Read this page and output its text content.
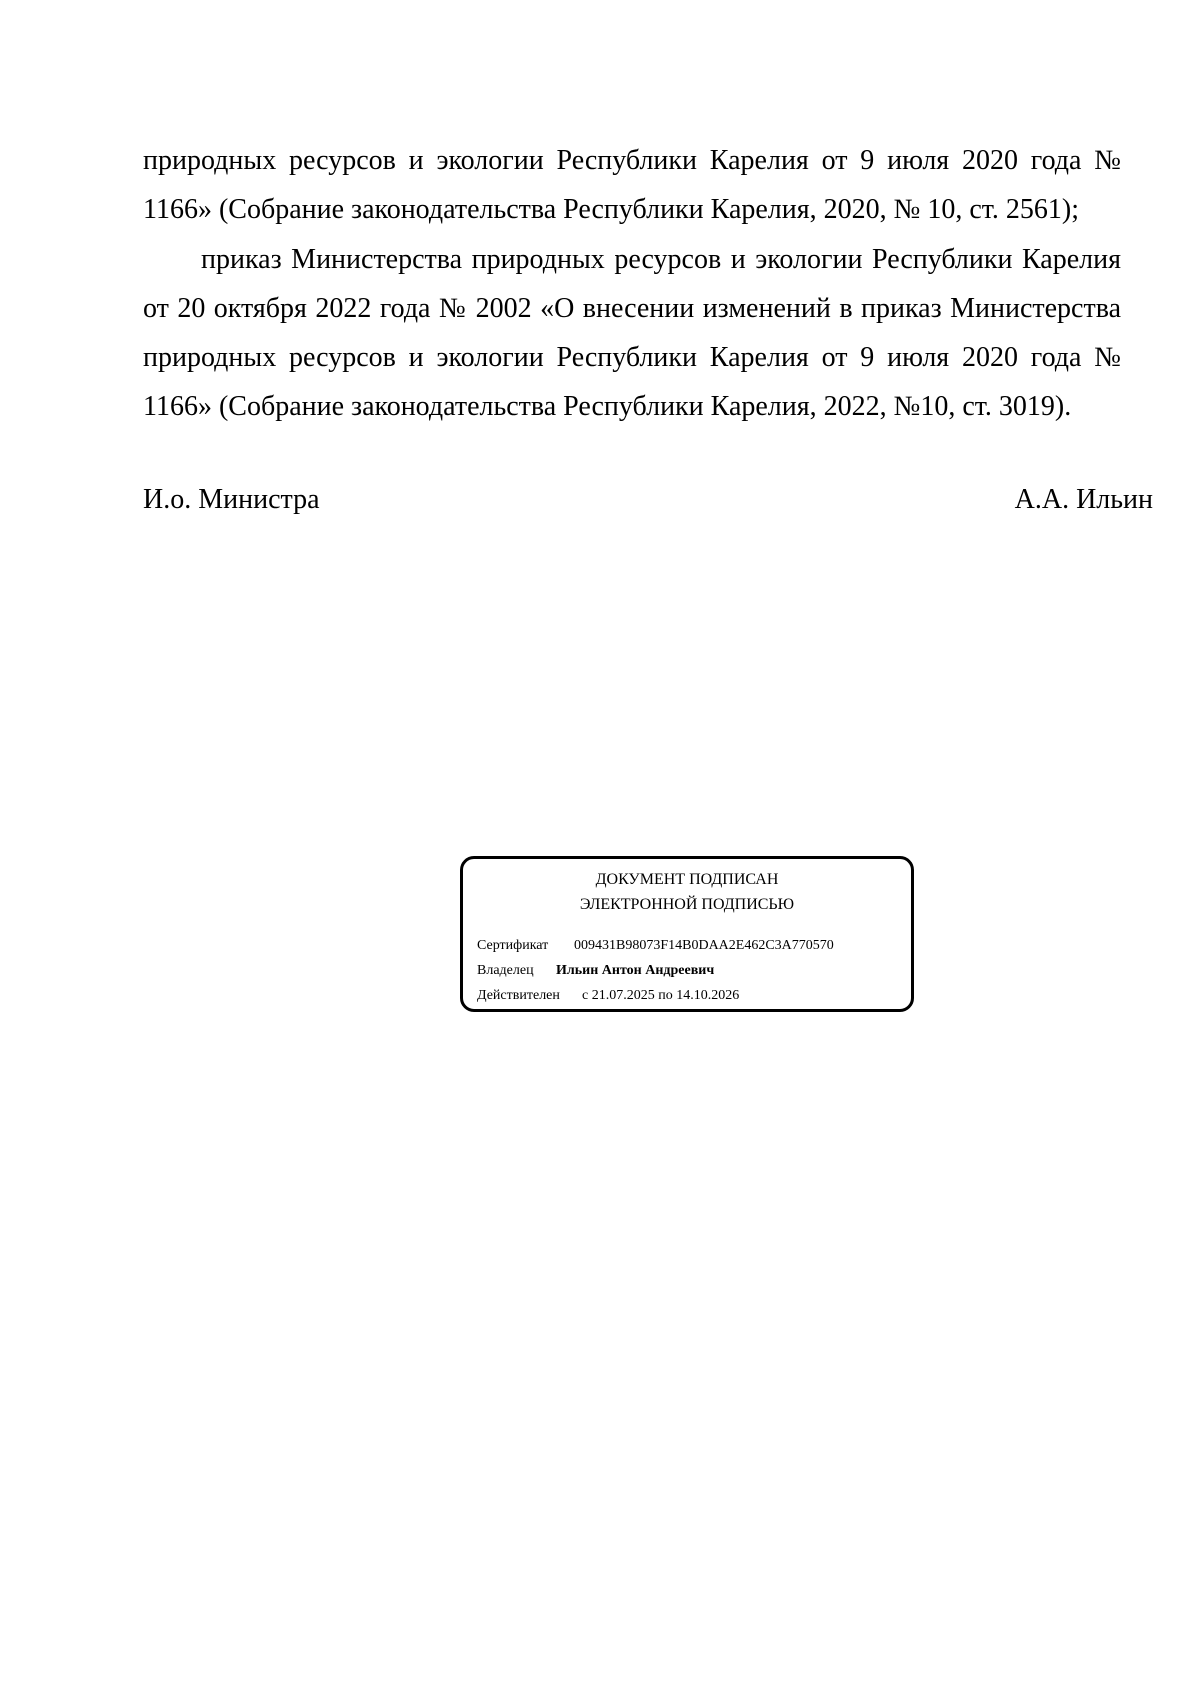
природных ресурсов и экологии Республики Карелия от 9 июля 2020 года № 1166» (Собрание законодательства Республики Карелия, 2020, № 10, ст. 2561);

приказ Министерства природных ресурсов и экологии Республики Карелия от 20 октября 2022 года № 2002 «О внесении изменений в приказ Министерства природных ресурсов и экологии Республики Карелия от 9 июля 2020 года № 1166» (Собрание законодательства Республики Карелия, 2022, №10, ст. 3019).

И.о. Министра	А.А. Ильин
ДОКУМЕНТ ПОДПИСАН
ЭЛЕКТРОННОЙ ПОДПИСЬЮ
Сертификат 009431B98073F14B0DAA2E462C3A770570
Владелец Ильин Антон Андреевич
Действителен с 21.07.2025 по 14.10.2026
